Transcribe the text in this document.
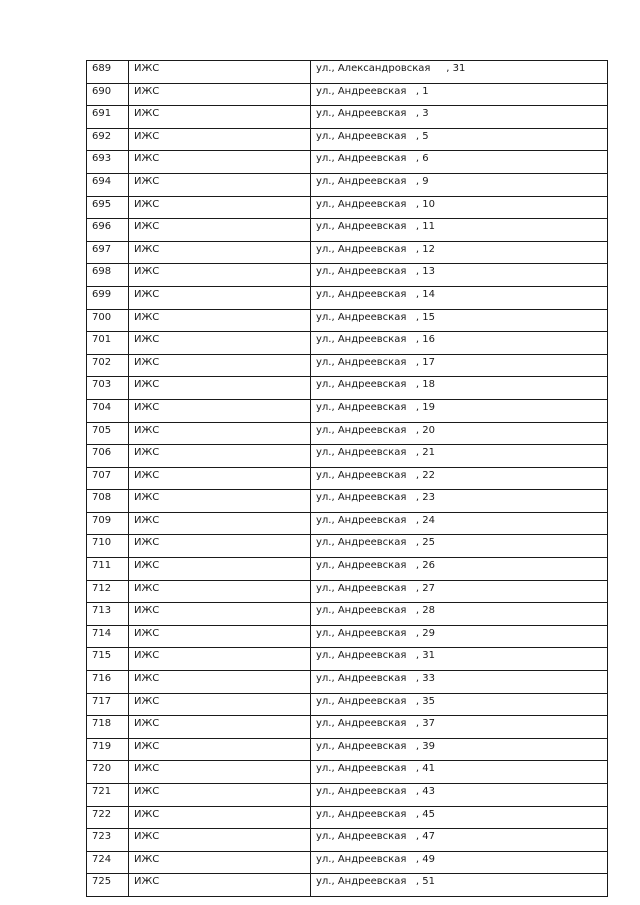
689	ИЖС	ул., Александровская     , 31
690	ИЖС	ул., Андреевская   , 1
691	ИЖС	ул., Андреевская   , 3
692	ИЖС	ул., Андреевская   , 5
693	ИЖС	ул., Андреевская   , 6
694	ИЖС	ул., Андреевская   , 9
695	ИЖС	ул., Андреевская   , 10
696	ИЖС	ул., Андреевская   , 11
697	ИЖС	ул., Андреевская   , 12
698	ИЖС	ул., Андреевская   , 13
699	ИЖС	ул., Андреевская   , 14
700	ИЖС	ул., Андреевская   , 15
701	ИЖС	ул., Андреевская   , 16
702	ИЖС	ул., Андреевская   , 17
703	ИЖС	ул., Андреевская   , 18
704	ИЖС	ул., Андреевская   , 19
705	ИЖС	ул., Андреевская   , 20
706	ИЖС	ул., Андреевская   , 21
707	ИЖС	ул., Андреевская   , 22
708	ИЖС	ул., Андреевская   , 23
709	ИЖС	ул., Андреевская   , 24
710	ИЖС	ул., Андреевская   , 25
711	ИЖС	ул., Андреевская   , 26
712	ИЖС	ул., Андреевская   , 27
713	ИЖС	ул., Андреевская   , 28
714	ИЖС	ул., Андреевская   , 29
715	ИЖС	ул., Андреевская   , 31
716	ИЖС	ул., Андреевская   , 33
717	ИЖС	ул., Андреевская   , 35
718	ИЖС	ул., Андреевская   , 37
719	ИЖС	ул., Андреевская   , 39
720	ИЖС	ул., Андреевская   , 41
721	ИЖС	ул., Андреевская   , 43
722	ИЖС	ул., Андреевская   , 45
723	ИЖС	ул., Андреевская   , 47
724	ИЖС	ул., Андреевская   , 49
725	ИЖС	ул., Андреевская   , 51
